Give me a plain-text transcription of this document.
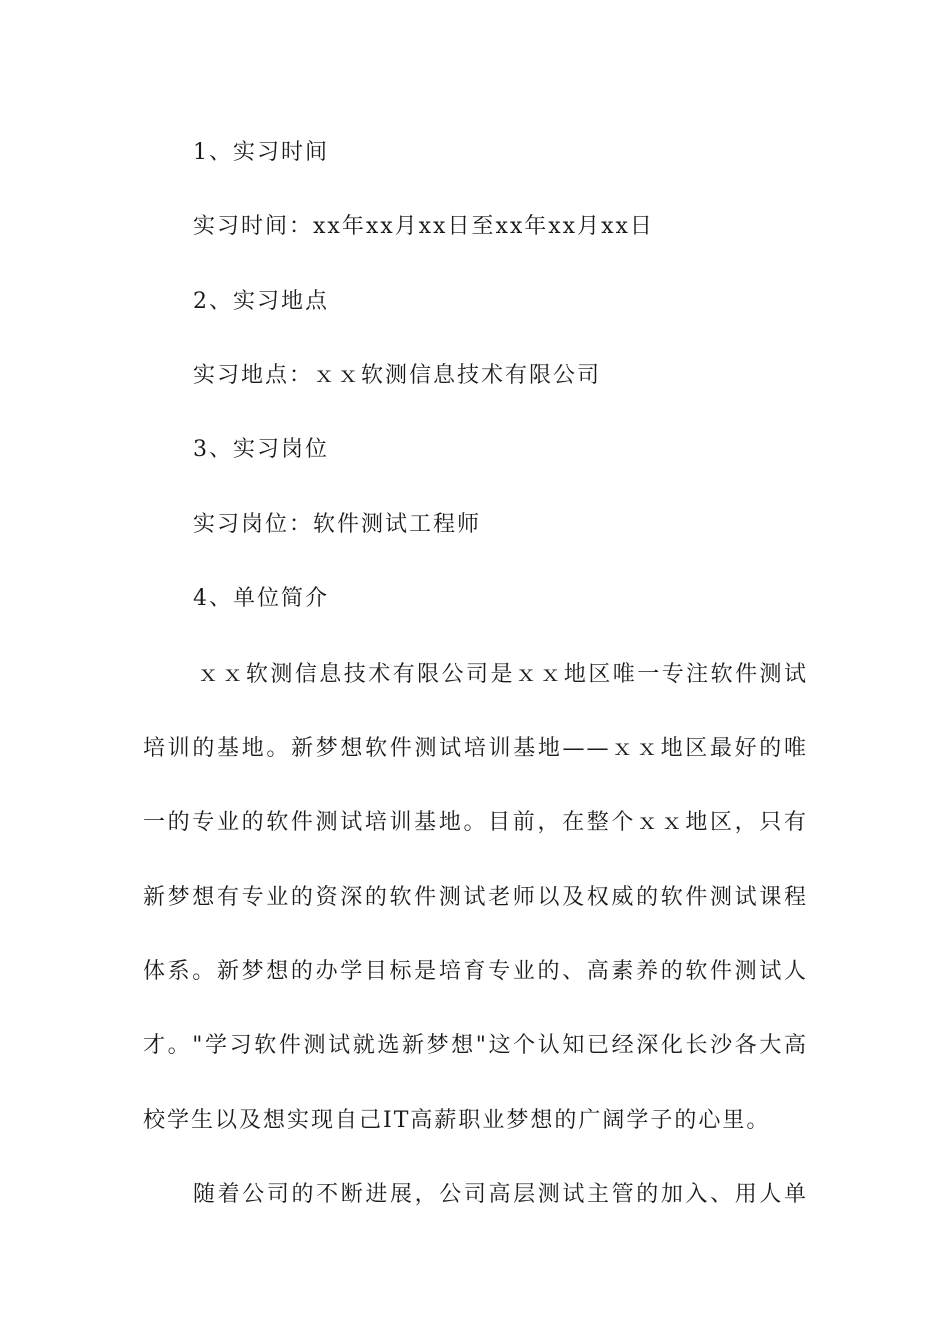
1、实习时间
实习时间：xx年xx月xx日至xx年xx月xx日
2、实习地点
实习地点：ｘｘ软测信息技术有限公司
3、实习岗位
实习岗位：软件测试工程师
4、单位简介
ｘｘ软测信息技术有限公司是ｘｘ地区唯一专注软件测试
培训的基地。新梦想软件测试培训基地——ｘｘ地区最好的唯
一的专业的软件测试培训基地。目前，在整个ｘｘ地区，只有
新梦想有专业的资深的软件测试老师以及权威的软件测试课程
体系。新梦想的办学目标是培育专业的、高素养的软件测试人
才。"学习软件测试就选新梦想"这个认知已经深化长沙各大高
校学生以及想实现自己IT高薪职业梦想的广阔学子的心里。
随着公司的不断进展，公司高层测试主管的加入、用人单
